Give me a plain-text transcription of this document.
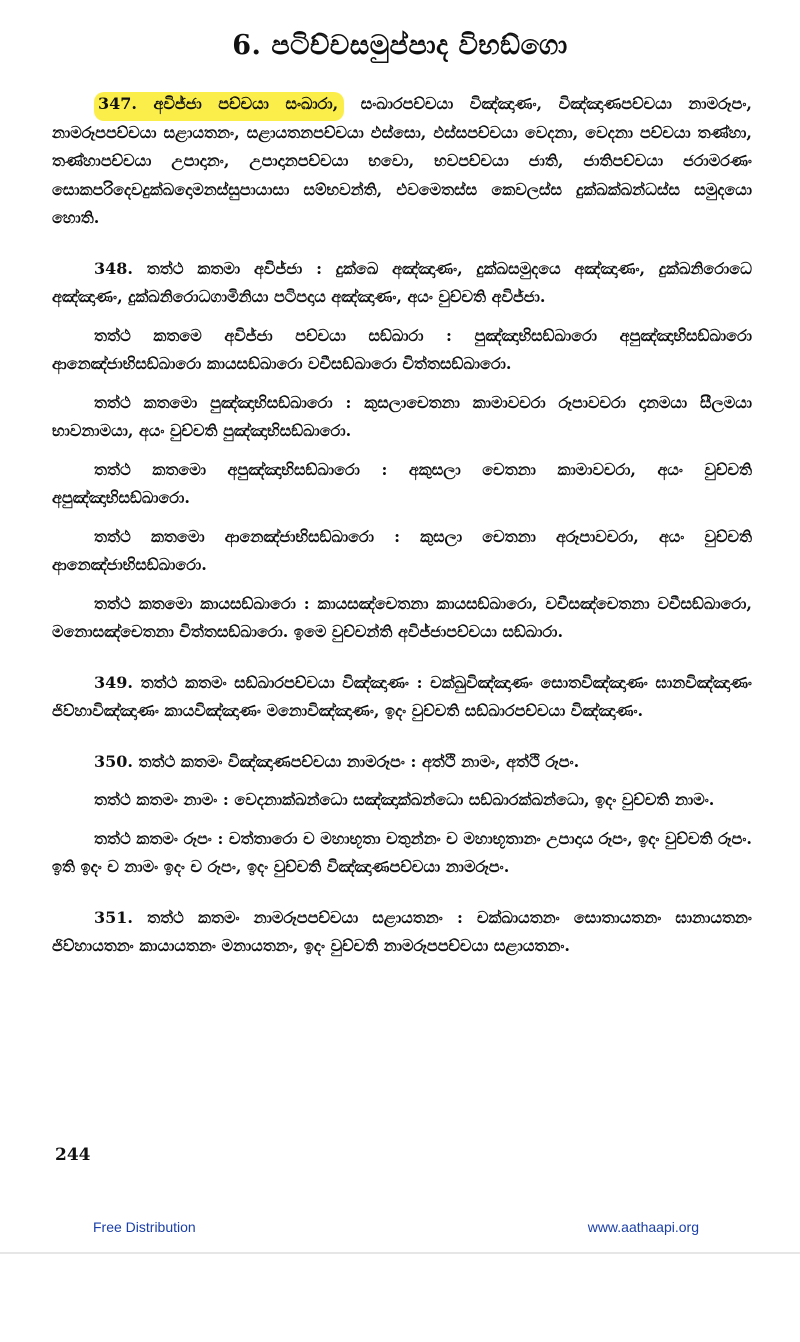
6. පටිච්චසමුප්පාද විභඞ්ගො

347. අවිජ්ජා පච්චයා සංඛාරා, සංඛාරපච්චයා විඤ්ඤාණං, විඤ්ඤාණපච්චයා නාමරූපං, නාමරූපපච්චයා සළායතනං, සළායතනපච්චයා ඵස්සො, ඵස්සපච්චයා වෙදනා, වෙදනා පච්චයා තණ්හා, තණ්හාපච්චයා උපාදානං, උපාදානපච්චයා භවො, භවපච්චයා ජාති, ජාතිපච්චයා ජරාමරණං සොකපරිදෙවදුක්ඛදොමනස්සුපායාසා සම්භවන්ති, එවමෙතස්ස කෙවලස්ස දුක්ඛක්ඛන්ධස්ස සමුදයො හොති.

348. තත්ථ කතමා අවිජ්ජා : දුක්ඛෙ අඤ්ඤාණං, දුක්ඛසමුදයෙ අඤ්ඤාණං, දුක්ඛනිරොධෙ අඤ්ඤාණං, දුක්ඛනිරොධගාමිනියා පටිපදාය අඤ්ඤාණං, අයං වුච්චති අවිජ්ජා.

තත්ථ කතමෙ අවිජ්ජා පච්චයා සඞ්ඛාරා : පුඤ්ඤාභිසඞ්ඛාරො අපුඤ්ඤාභිසඞ්ඛාරො ආනෙඤ්ජාභිසඞ්ඛාරො කායසඞ්ඛාරො වචීසඞ්ඛාරො චිත්තසඞ්ඛාරො.

තත්ථ කතමො පුඤ්ඤාභිසඞ්ඛාරො : කුසලාචෙතනා කාමාවචරා රූපාවචරා දානමයා සීලමයා භාවනාමයා, අයං වුච්චති පුඤ්ඤාභිසඞ්ඛාරො.

තත්ථ කතමො අපුඤ්ඤාභිසඞ්ඛාරො : අකුසලා චෙතනා කාමාවචරා, අයං වුච්චති අපුඤ්ඤාභිසඞ්ඛාරො.

තත්ථ කතමො ආනෙඤ්ජාභිසඞ්ඛාරො : කුසලා චෙතනා අරූපාවචරා, අයං වුච්චති ආනෙඤ්ජාභිසඞ්ඛාරො.

තත්ථ කතමො කායසඞ්ඛාරො : කායසඤ්චෙතනා කායසඞ්ඛාරො, වචීසඤ්චෙතනා වචීසඞ්ඛාරො, මනොසඤ්චෙතනා චිත්තසඞ්ඛාරො. ඉමෙ වුච්චන්ති අවිජ්ජාපච්චයා සඞ්ඛාරා.

349. තත්ථ කතමං සඞ්ඛාරපච්චයා විඤ්ඤාණං : චක්ඛුවිඤ්ඤාණං සොතවිඤ්ඤාණං ඝානවිඤ්ඤාණං ජිව්හාවිඤ්ඤාණං කායවිඤ්ඤාණං මනොවිඤ්ඤාණං, ඉදං වුච්චති සඞ්ඛාරපච්චයා විඤ්ඤාණං.

350. තත්ථ කතමං විඤ්ඤාණපච්චයා නාමරූපං : අත්ථි නාමං, අත්ථි රූපං.

තත්ථ කතමං නාමං : වෙදනාක්ඛන්ධො සඤ්ඤාක්ඛන්ධො සඞ්ඛාරක්ඛන්ධො, ඉදං වුච්චති නාමං.

තත්ථ කතමං රූපං : චත්තාරො ච මහාභූතා චතුන්නං ච මහාභූතානං උපාදාය රූපං, ඉදං වුච්චති රූපං. ඉති ඉදං ච නාමං ඉදං ච රූපං, ඉදං වුච්චති විඤ්ඤාණපච්චයා නාමරූපං.

351. තත්ථ කතමං නාමරූපපච්චයා සළායතනං : චක්ඛායතනං සොතායතනං ඝානායතනං ජිව්හායතනං කායායතනං මනායතනං, ඉදං වුච්චති නාමරූපපච්චයා සළායතනං.

244
Free Distribution	www.aathaapi.org
